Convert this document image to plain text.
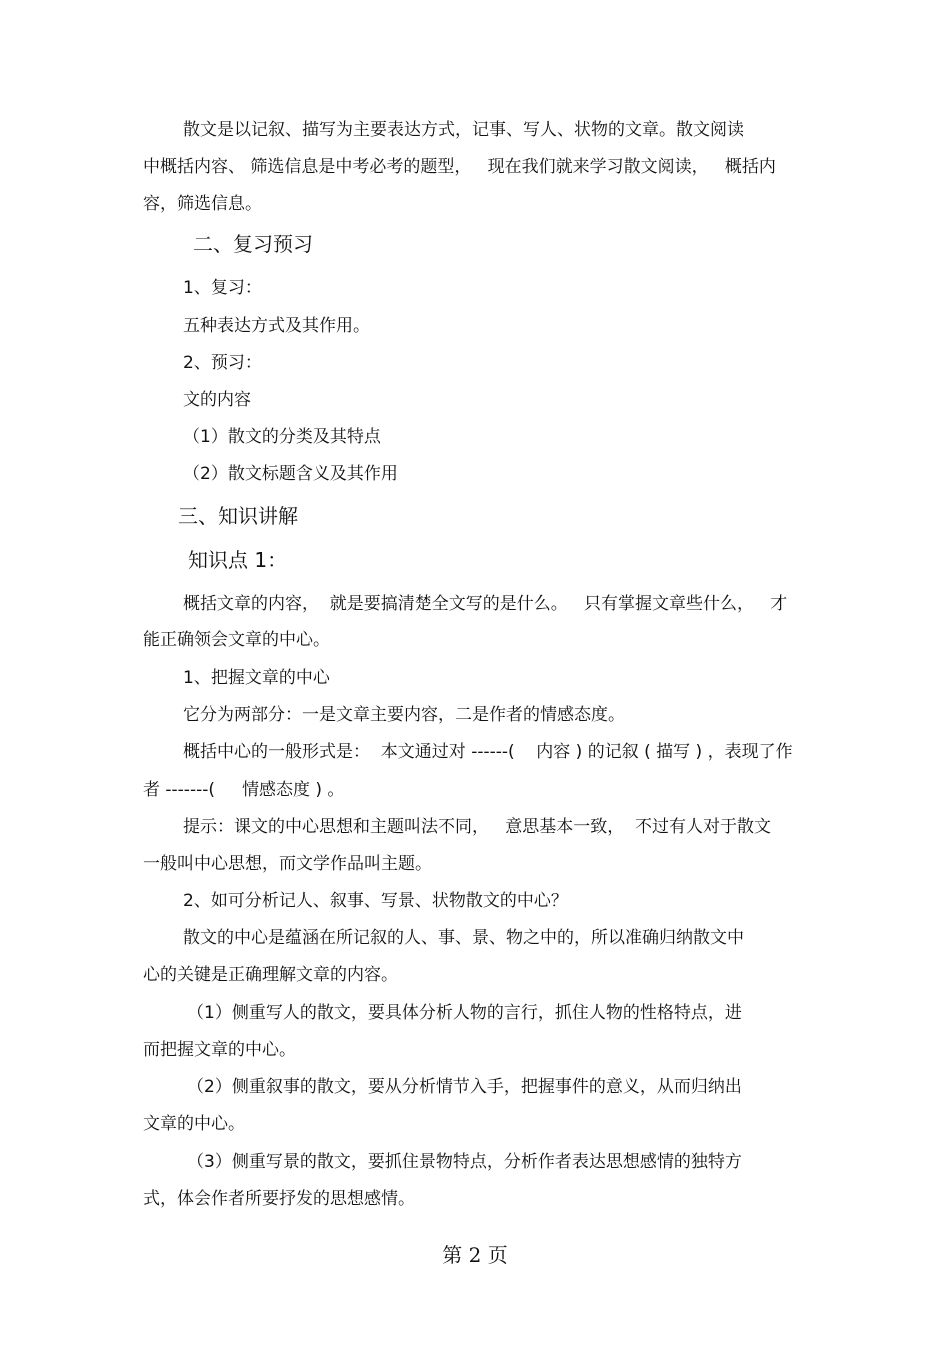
散文是以记叙、描写为主要表达方式，记事、写人、状物的文章。散文阅读
中概括内容、 筛选信息是中考必考的题型，   现在我们就来学习散文阅读，   概括内
容，筛选信息。
二、复习预习
1、复习：
五种表达方式及其作用。
2、预习：
文的内容
（1）散文的分类及其特点
（2）散文标题含义及其作用
三、知识讲解
知识点 1：
概括文章的内容，  就是要搞清楚全文写的是什么。   只有掌握文章些什么，   才
能正确领会文章的中心。
1、把握文章的中心
它分为两部分：一是文章主要内容，二是作者的情感态度。
概括中心的一般形式是：  本文通过对 ------(    内容 ) 的记叙 ( 描写 ) ，表现了作
者 -------(     情感态度 ) 。
提示：课文的中心思想和主题叫法不同，   意思基本一致，  不过有人对于散文
一般叫中心思想，而文学作品叫主题。
2、如可分析记人、叙事、写景、状物散文的中心？
散文的中心是蕴涵在所记叙的人、事、景、物之中的，所以准确归纳散文中
心的关键是正确理解文章的内容。
（1）侧重写人的散文，要具体分析人物的言行，抓住人物的性格特点，进
而把握文章的中心。
（2）侧重叙事的散文，要从分析情节入手，把握事件的意义，从而归纳出
文章的中心。
（3）侧重写景的散文，要抓住景物特点，分析作者表达思想感情的独特方
式，体会作者所要抒发的思想感情。
第 2 页
